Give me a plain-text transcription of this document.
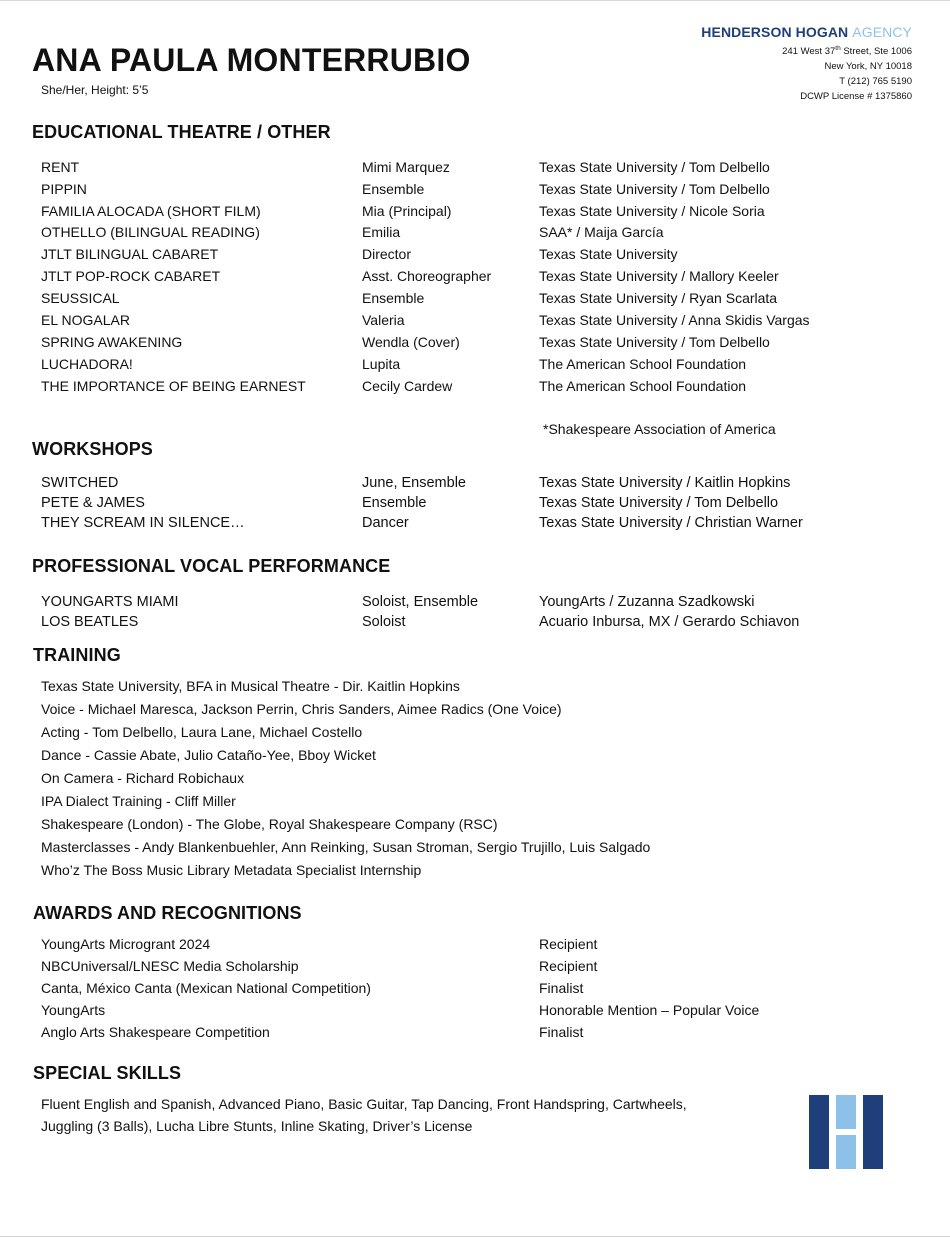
ANA PAULA MONTERRUBIO
She/Her, Height: 5’5
HENDERSON HOGAN AGENCY
241 West 37th Street, Ste 1006
New York, NY 10018
T (212) 765 5190
DCWP License # 1375860
EDUCATIONAL THEATRE / OTHER
RENT	Mimi Marquez	Texas State University / Tom Delbello
PIPPIN	Ensemble	Texas State University / Tom Delbello
FAMILIA ALOCADA (SHORT FILM)	Mia (Principal)	Texas State University / Nicole Soria
OTHELLO (BILINGUAL READING)	Emilia	SAA* / Maija García
JTLT BILINGUAL CABARET	Director	Texas State University
JTLT POP-ROCK CABARET	Asst. Choreographer	Texas State University / Mallory Keeler
SEUSSICAL	Ensemble	Texas State University / Ryan Scarlata
EL NOGALAR	Valeria	Texas State University / Anna Skidis Vargas
SPRING AWAKENING	Wendla (Cover)	Texas State University / Tom Delbello
LUCHADORA!	Lupita	The American School Foundation
THE IMPORTANCE OF BEING EARNEST	Cecily Cardew	The American School Foundation
*Shakespeare Association of America
WORKSHOPS
SWITCHED	June, Ensemble	Texas State University / Kaitlin Hopkins
PETE & JAMES	Ensemble	Texas State University / Tom Delbello
THEY SCREAM IN SILENCE…	Dancer	Texas State University / Christian Warner
PROFESSIONAL VOCAL PERFORMANCE
YOUNGARTS MIAMI	Soloist, Ensemble	YoungArts / Zuzanna Szadkowski
LOS BEATLES	Soloist	Acuario Inbursa, MX / Gerardo Schiavon
TRAINING
Texas State University, BFA in Musical Theatre - Dir. Kaitlin Hopkins
Voice - Michael Maresca, Jackson Perrin, Chris Sanders, Aimee Radics (One Voice)
Acting - Tom Delbello, Laura Lane, Michael Costello
Dance - Cassie Abate, Julio Cataño-Yee, Bboy Wicket
On Camera - Richard Robichaux
IPA Dialect Training - Cliff Miller
Shakespeare (London) - The Globe, Royal Shakespeare Company (RSC)
Masterclasses - Andy Blankenbuehler, Ann Reinking, Susan Stroman, Sergio Trujillo, Luis Salgado
Who’z The Boss Music Library Metadata Specialist Internship
AWARDS AND RECOGNITIONS
YoungArts Microgrant 2024	Recipient
NBCUniversal/LNESC Media Scholarship	Recipient
Canta, México Canta (Mexican National Competition)	Finalist
YoungArts	Honorable Mention – Popular Voice
Anglo Arts Shakespeare Competition	Finalist
SPECIAL SKILLS
Fluent English and Spanish, Advanced Piano, Basic Guitar, Tap Dancing, Front Handspring, Cartwheels,
Juggling (3 Balls), Lucha Libre Stunts, Inline Skating, Driver’s License
